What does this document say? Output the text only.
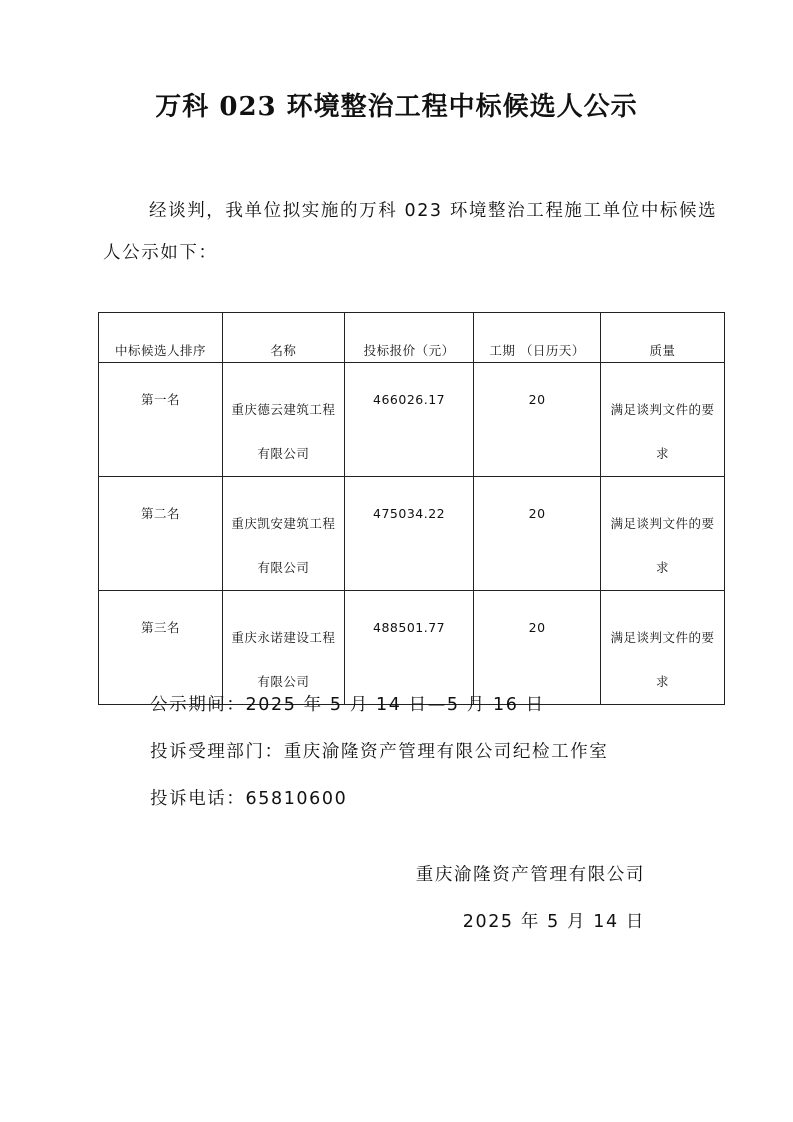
万科 023 环境整治工程中标候选人公示
经谈判，我单位拟实施的万科 023 环境整治工程施工单位中标候选人公示如下：
中标候选人排序	名称	投标报价（元）	工期 （日历天）	质量

第一名	重庆德云建筑工程有限公司	466026.17	20	满足谈判文件的要求

第二名	重庆凯安建筑工程有限公司	475034.22	20	满足谈判文件的要求

第三名	重庆永诺建设工程有限公司	488501.77	20	满足谈判文件的要求
公示期间：2025 年 5 月 14 日—5 月 16 日
投诉受理部门：重庆渝隆资产管理有限公司纪检工作室
投诉电话：65810600
重庆渝隆资产管理有限公司
2025 年 5 月 14 日
